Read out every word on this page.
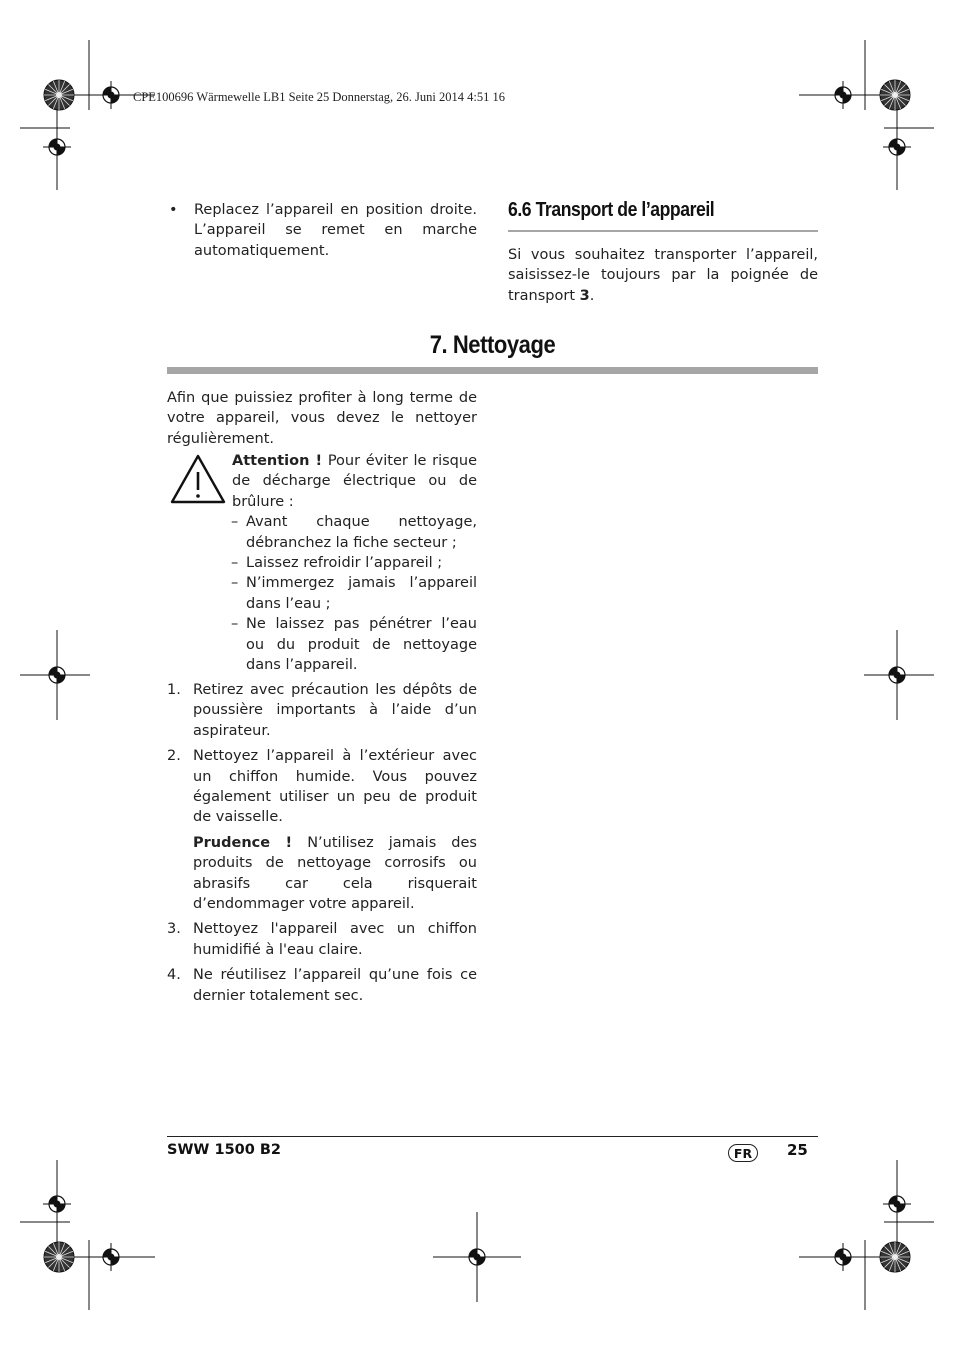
CPE100696 Wärmewelle LB1 Seite 25 Donnerstag, 26. Juni 2014 4:51 16
• Replacez l’appareil en position droite. L’appareil se remet en marche automatiquement.
6.6 Transport de l’appareil
Si vous souhaitez transporter l’appareil, saisissez-le toujours par la poignée de transport 3.
7. Nettoyage
Afin que puissiez profiter à long terme de votre appareil, vous devez le nettoyer régulièrement.
Attention ! Pour éviter le risque de décharge électrique ou de brûlure :
– Avant chaque nettoyage, débranchez la fiche secteur ;
– Laissez refroidir l’appareil ;
– N’immergez jamais l’appareil dans l’eau ;
– Ne laissez pas pénétrer l’eau ou du produit de nettoyage dans l’appareil.
1. Retirez avec précaution les dépôts de poussière importants à l’aide d’un aspirateur.
2. Nettoyez l’appareil à l’extérieur avec un chiffon humide. Vous pouvez également utiliser un peu de produit de vaisselle.
Prudence ! N’utilisez jamais des produits de nettoyage corrosifs ou abrasifs car cela risquerait d’endommager votre appareil.
3. Nettoyez l'appareil avec un chiffon humidifié à l'eau claire.
4. Ne réutilisez l’appareil qu’une fois ce dernier totalement sec.
SWW 1500 B2	FR	25
